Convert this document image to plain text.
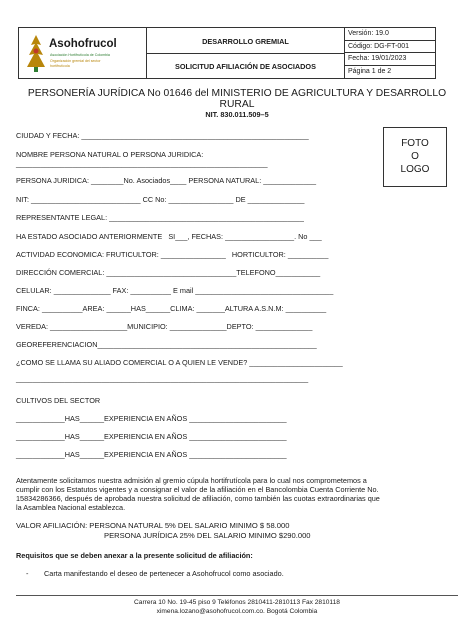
Asohofrucol
Asociación Hortifrutícola de Colombia
Organización gremial del sector
hortifrutícola
DESARROLLO GREMIAL
SOLICITUD AFILIACIÓN DE ASOCIADOS
Versión: 19.0
Código: DG-FT-001
Fecha: 19/01/2023
Página 1 de 2
PERSONERÍA JURÍDICA No 01646 del MINISTERIO DE AGRICULTURA Y DESARROLLO
RURAL
NIT. 830.011.509–5
FOTO
O
LOGO
CIUDAD Y FECHA: ________________________________________________________
NOMBRE PERSONA NATURAL O PERSONA JURIDICA:
______________________________________________________________
PERSONA JURIDICA: ________No. Asociados____ PERSONA NATURAL: _____________
NIT: ___________________________ CC No: ________________ DE ______________
REPRESENTANTE LEGAL: ________________________________________________
HA ESTADO ASOCIADO ANTERIORMENTE   SI___, FECHAS: _________________. No ___
ACTIVIDAD ECONOMICA: FRUTICULTOR: ________________   HORTICULTOR: __________
DIRECCIÓN COMERCIAL: ________________________________TELEFONO___________
CELULAR: ______________ FAX: __________ E mail __________________________________
FINCA: __________AREA: ______HAS______CLIMA: _______ALTURA A.S.N.M: __________
VEREDA: ___________________MUNICIPIO: ______________DEPTO: ______________
GEOREFERENCIACION______________________________________________________
¿COMO SE LLAMA SU ALIADO COMERCIAL O A QUIEN LE VENDE? _______________________
________________________________________________________________________
CULTIVOS DEL SECTOR
____________HAS______EXPERIENCIA EN AÑOS ________________________
____________HAS______EXPERIENCIA EN AÑOS ________________________
____________HAS______EXPERIENCIA EN AÑOS ________________________
Atentamente solicitamos nuestra admisión al gremio cúpula hortifrutícola para lo cual nos comprometemos a
cumplir con los Estatutos vigentes y a consignar el valor de la afiliación en el Bancolombia Cuenta Corriente No.
15834286366, después de aprobada nuestra solicitud de afiliación, como también las cuotas extraordinarias que
la Asamblea Nacional establezca.
VALOR AFILIACIÓN: PERSONA NATURAL 5% DEL SALARIO MINIMO $ 58.000
PERSONA JURÍDICA 25% DEL SALARIO MINIMO $290.000
Requisitos que se deben anexar a la presente solicitud de afiliación:
- Carta manifestando el deseo de pertenecer a Asohofrucol como asociado.
Carrera 10 No. 19-45 piso 9 Teléfonos 2810411-2810113 Fax 2810118
ximena.lozano@asohofrucol.com.co. Bogotá Colombia
